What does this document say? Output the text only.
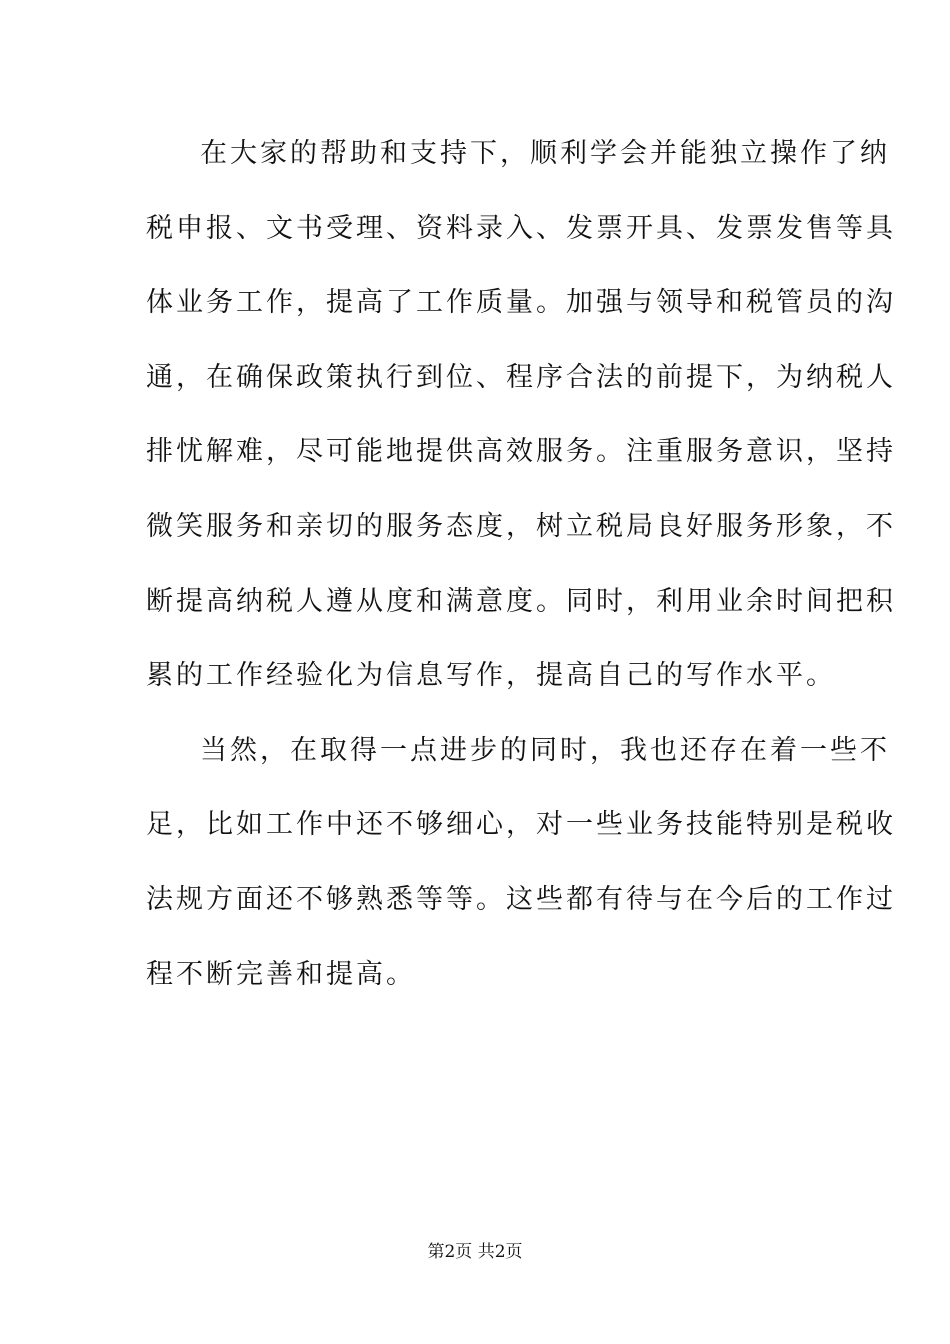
在大家的帮助和支持下，顺利学会并能独立操作了纳
税申报、文书受理、资料录入、发票开具、发票发售等具
体业务工作，提高了工作质量。加强与领导和税管员的沟
通，在确保政策执行到位、程序合法的前提下，为纳税人
排忧解难，尽可能地提供高效服务。注重服务意识，坚持
微笑服务和亲切的服务态度，树立税局良好服务形象，不
断提高纳税人遵从度和满意度。同时，利用业余时间把积
累的工作经验化为信息写作，提高自己的写作水平。
当然，在取得一点进步的同时，我也还存在着一些不
足，比如工作中还不够细心，对一些业务技能特别是税收
法规方面还不够熟悉等等。这些都有待与在今后的工作过
程不断完善和提高。
第2页 共2页
